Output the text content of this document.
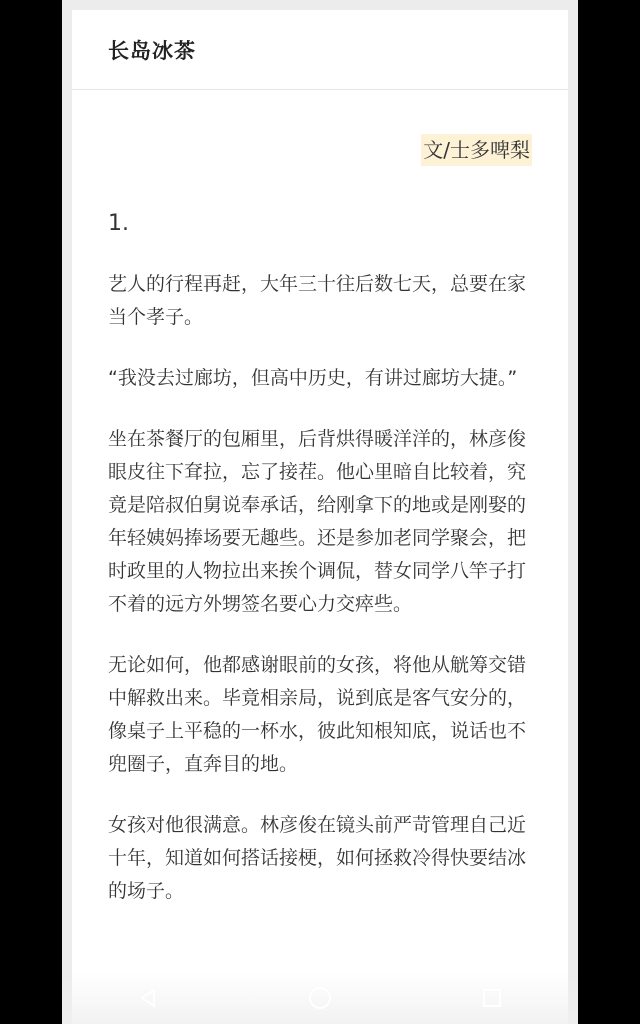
长岛冰茶
文/士多啤梨
1.

艺人的行程再赶，大年三十往后数七天，总要在家当个孝子。

“我没去过廊坊，但高中历史，有讲过廊坊大捷。”

坐在茶餐厅的包厢里，后背烘得暖洋洋的，林彦俊眼皮往下耷拉，忘了接茬。他心里暗自比较着，究竟是陪叔伯舅说奉承话，给刚拿下的地或是刚娶的年轻姨妈捧场要无趣些。还是参加老同学聚会，把时政里的人物拉出来挨个调侃，替女同学八竿子打不着的远方外甥签名要心力交瘁些。

无论如何，他都感谢眼前的女孩，将他从觥筹交错中解救出来。毕竟相亲局，说到底是客气安分的，像桌子上平稳的一杯水，彼此知根知底，说话也不兜圈子，直奔目的地。

女孩对他很满意。林彦俊在镜头前严苛管理自己近十年，知道如何搭话接梗，如何拯救冷得快要结冰的场子。
